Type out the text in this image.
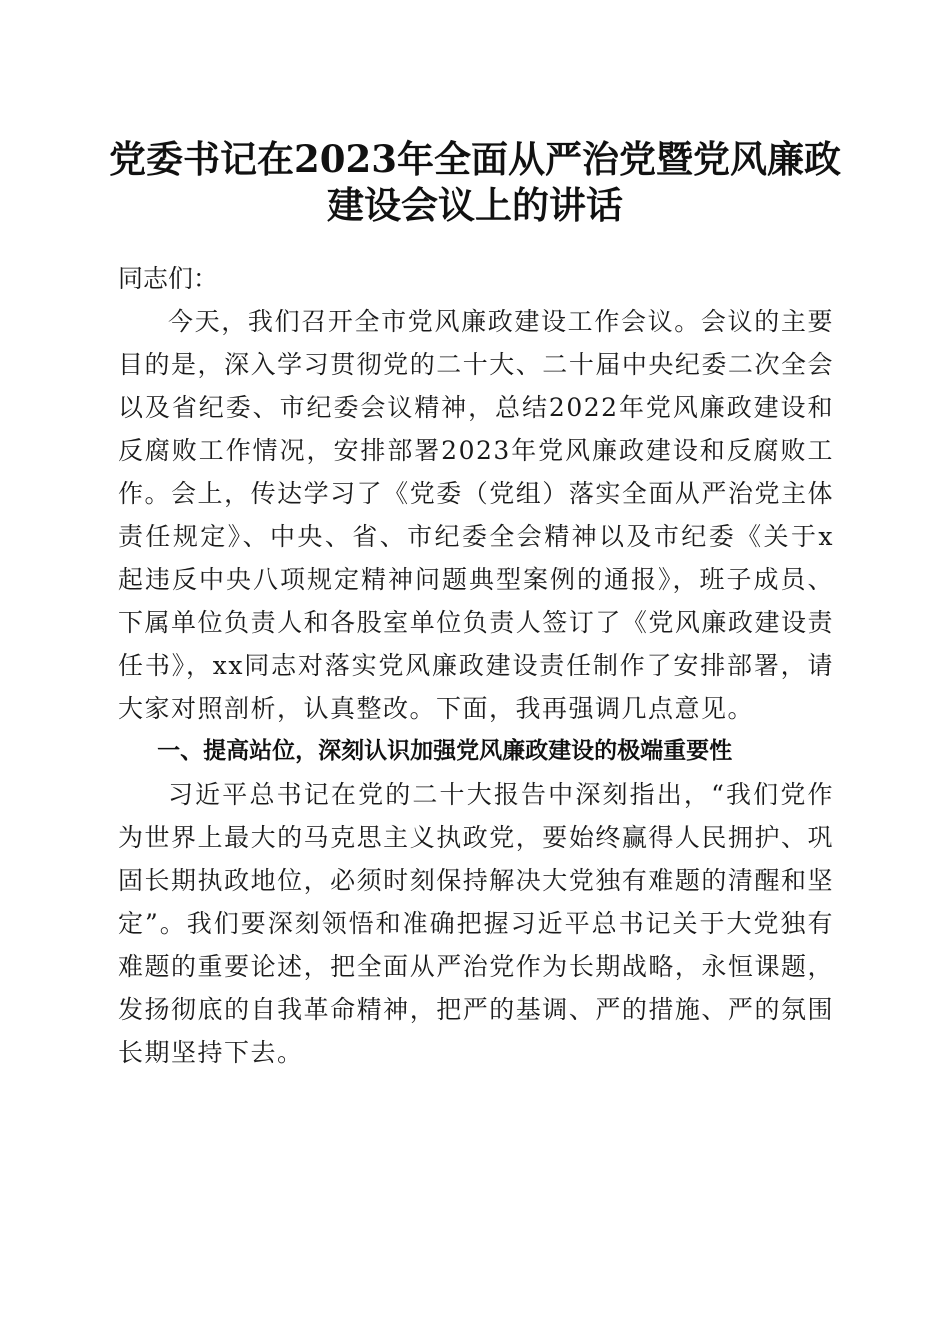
党委书记在2023年全面从严治党暨党风廉政
建设会议上的讲话

同志们：

今天，我们召开全市党风廉政建设工作会议。会议的主要目的是，深入学习贯彻党的二十大、二十届中央纪委二次全会以及省纪委、市纪委会议精神，总结2022年党风廉政建设和反腐败工作情况，安排部署2023年党风廉政建设和反腐败工作。会上，传达学习了《党委（党组）落实全面从严治党主体责任规定》、中央、省、市纪委全会精神以及市纪委《关于x起违反中央八项规定精神问题典型案例的通报》，班子成员、下属单位负责人和各股室单位负责人签订了《党风廉政建设责任书》，xx同志对落实党风廉政建设责任制作了安排部署，请大家对照剖析，认真整改。下面，我再强调几点意见。

一、提高站位，深刻认识加强党风廉政建设的极端重要性

习近平总书记在党的二十大报告中深刻指出，“我们党作为世界上最大的马克思主义执政党，要始终赢得人民拥护、巩固长期执政地位，必须时刻保持解决大党独有难题的清醒和坚定”。我们要深刻领悟和准确把握习近平总书记关于大党独有难题的重要论述，把全面从严治党作为长期战略，永恒课题，发扬彻底的自我革命精神，把严的基调、严的措施、严的氛围长期坚持下去。
